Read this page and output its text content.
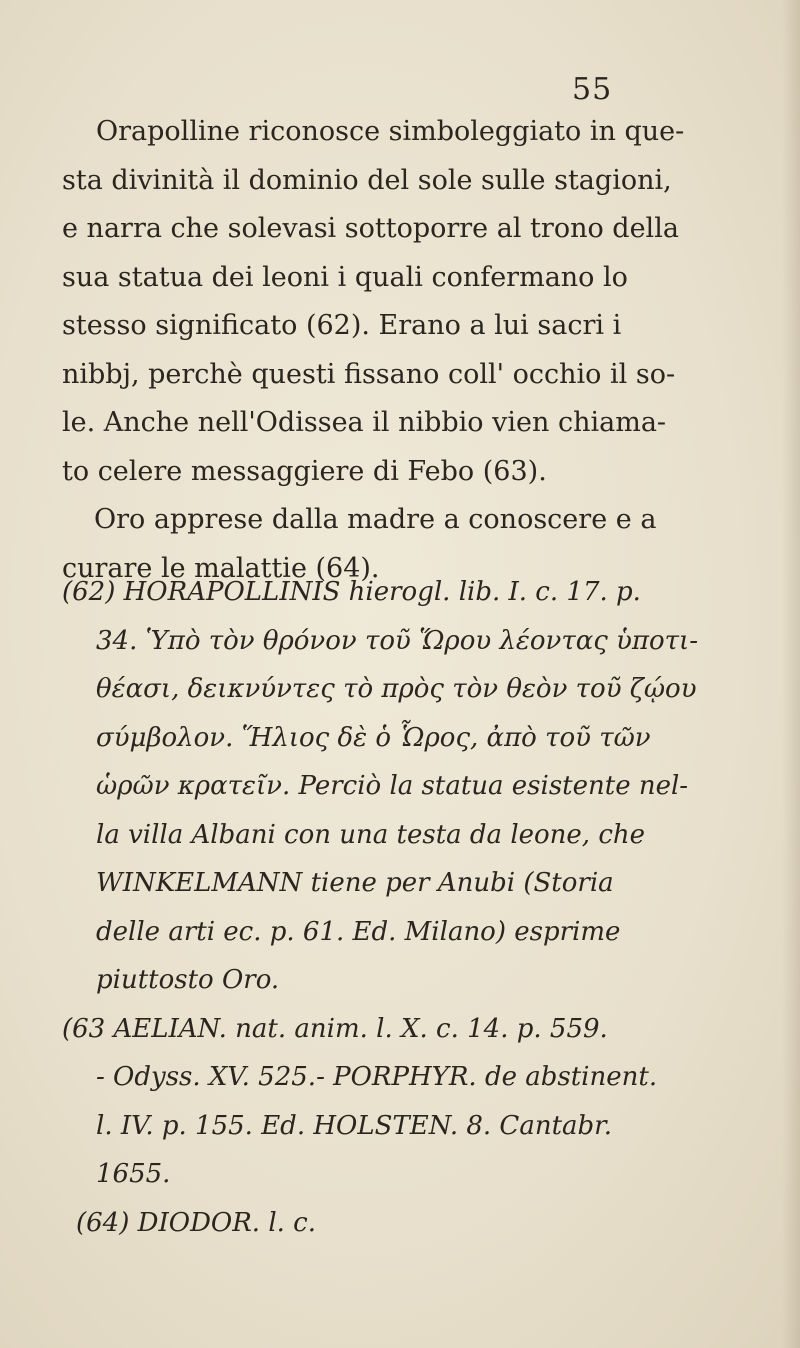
55
Orapolline riconosce simboleggiato in que-
sta divinità il dominio del sole sulle stagioni,
e narra che solevasi sottoporre al trono della
sua statua dei leoni i quali confermano lo
stesso significato (62). Erano a lui sacri i
nibbj, perchè questi fissano coll' occhio il so-
le. Anche nell'Odissea il nibbio vien chiama-
to celere messaggiere di Febo (63).
Oro apprese dalla madre a conoscere e a
curare le malattie (64).
(62) HORAPOLLINIS hierogl. lib. I. c. 17. p.
34. Ὑπὸ τὸν θρόνον τοῦ Ὥρου λέοντας ὑποτι-
θέασι, δεικνύντες τὸ πρὸς τὸν θεὸν τοῦ ζῴου
σύμβολον. Ἥλιος δὲ ὁ Ὧρος, ἀπὸ τοῦ τῶν
ὡρῶν κρατεῖν. Perciò la statua esistente nel-
la villa Albani con una testa da leone, che
WINKELMANN tiene per Anubi (Storia
delle arti ec. p. 61. Ed. Milano) esprime
piuttosto Oro.
(63 AELIAN. nat. anim. l. X. c. 14. p. 559.
- Odyss. XV. 525.- PORPHYR. de abstinent.
l. IV. p. 155. Ed. HOLSTEN. 8. Cantabr.
1655.
(64) DIODOR. l. c.
